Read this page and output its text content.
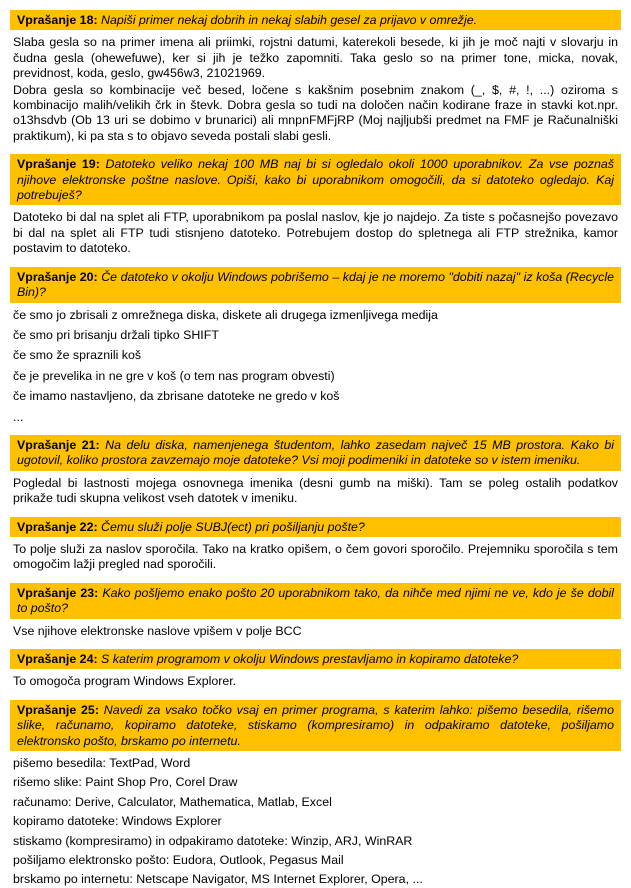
Vprašanje 18: Napiši primer nekaj dobrih in nekaj slabih gesel za prijavo v omrežje.

Slaba gesla so na primer imena ali priimki, rojstni datumi, katerekoli besede, ki jih je moč najti v slovarju in čudna gesla (ohewefuwe), ker si jih je težko zapomniti. Taka geslo so na primer tone, micka, novak, previdnost, koda, geslo, gw456w3, 21021969.

Dobra gesla so kombinacije več besed, ločene s kakšnim posebnim znakom (_, $, #, !, ...) oziroma s kombinacijo malih/velikih črk in števk. Dobra gesla so tudi na določen način kodirane fraze in stavki kot.npr. o13hsdvb (Ob 13 uri se dobimo v brunarici) ali mnpnFMFjRP (Moj najljubši predmet na FMF je Računalniški praktikum), ki pa sta s to objavo seveda postali slabi gesli.

Vprašanje 19: Datoteko veliko nekaj 100 MB naj bi si ogledalo okoli 1000 uporabnikov. Za vse poznaš njihove elektronske poštne naslove. Opiši, kako bi uporabnikom omogočili, da si datoteko ogledajo. Kaj potrebuješ?

Datoteko bi dal na splet ali FTP, uporabnikom pa poslal naslov, kje jo najdejo. Za tiste s počasnejšo povezavo bi dal na splet ali FTP tudi stisnjeno datoteko. Potrebujem dostop do spletnega ali FTP strežnika, kamor postavim to datoteko.

Vprašanje 20: Če datoteko v okolju Windows pobrišemo – kdaj je ne moremo "dobiti nazaj" iz koša (Recycle Bin)?
če smo jo zbrisali z omrežnega diska, diskete ali drugega izmenljivega medija
če smo pri brisanju držali tipko SHIFT
če smo že spraznili koš
če je prevelika in ne gre v koš (o tem nas program obvesti)
če imamo nastavljeno, da zbrisane datoteke ne gredo v koš
...
Vprašanje 21: Na delu diska, namenjenega študentom, lahko zasedam največ 15 MB prostora. Kako bi ugotovil, koliko prostora zavzemajo moje datoteke? Vsi moji podimeniki in datoteke so v istem imeniku.

Pogledal bi lastnosti mojega osnovnega imenika (desni gumb na miški). Tam se poleg ostalih podatkov prikaže tudi skupna velikost vseh datotek v imeniku.

Vprašanje 22: Čemu služi polje SUBJ(ect) pri pošiljanju pošte?

To polje služi za naslov sporočila. Tako na kratko opišem, o čem govori sporočilo. Prejemniku sporočila s tem omogočim lažji pregled nad sporočili.

Vprašanje 23: Kako pošljemo enako pošto 20 uporabnikom tako, da nihče med njimi ne ve, kdo je še dobil to pošto?

Vse njihove elektronske naslove vpišem v polje BCC

Vprašanje 24: S katerim programom v okolju Windows prestavljamo in kopiramo datoteke?

To omogoča program Windows Explorer.

Vprašanje 25: Navedi za vsako točko vsaj en primer programa, s katerim lahko: pišemo besedila, rišemo slike, računamo, kopiramo datoteke, stiskamo (kompresiramo) in odpakiramo datoteke, pošiljamo elektronsko pošto, brskamo po internetu.
pišemo besedila: TextPad, Word
rišemo slike: Paint Shop Pro, Corel Draw
računamo: Derive, Calculator, Mathematica, Matlab, Excel
kopiramo datoteke: Windows Explorer
stiskamo (kompresiramo) in odpakiramo datoteke: Winzip, ARJ, WinRAR
pošiljamo elektronsko pošto: Eudora, Outlook, Pegasus Mail
brskamo po internetu: Netscape Navigator, MS Internet Explorer, Opera, ...
